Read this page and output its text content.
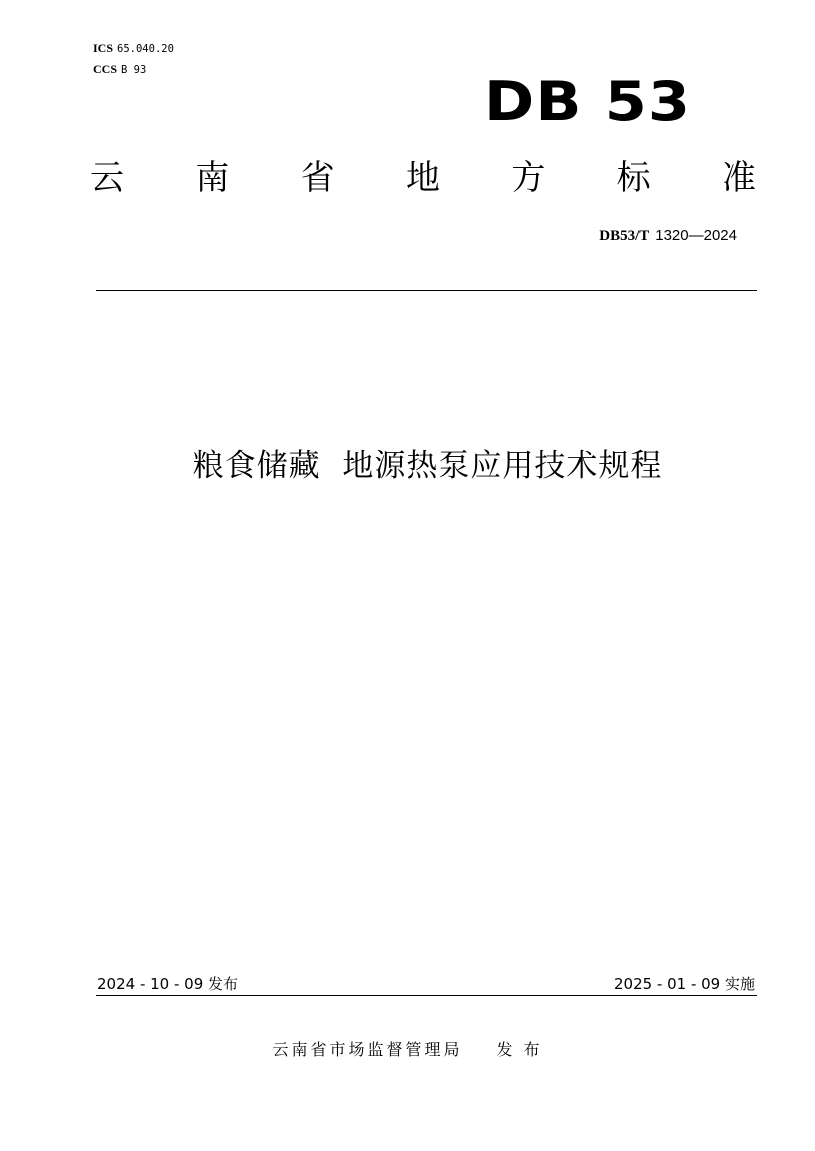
ICS 65.040.20
CCS B 93	DB 53
云 南 省 地 方 标 准
DB53/T 1320—2024
粮食储藏  地源热泵应用技术规程
2024 - 10 - 09 发布	2025 - 01 - 09 实施
云南省市场监督管理局 发 布
